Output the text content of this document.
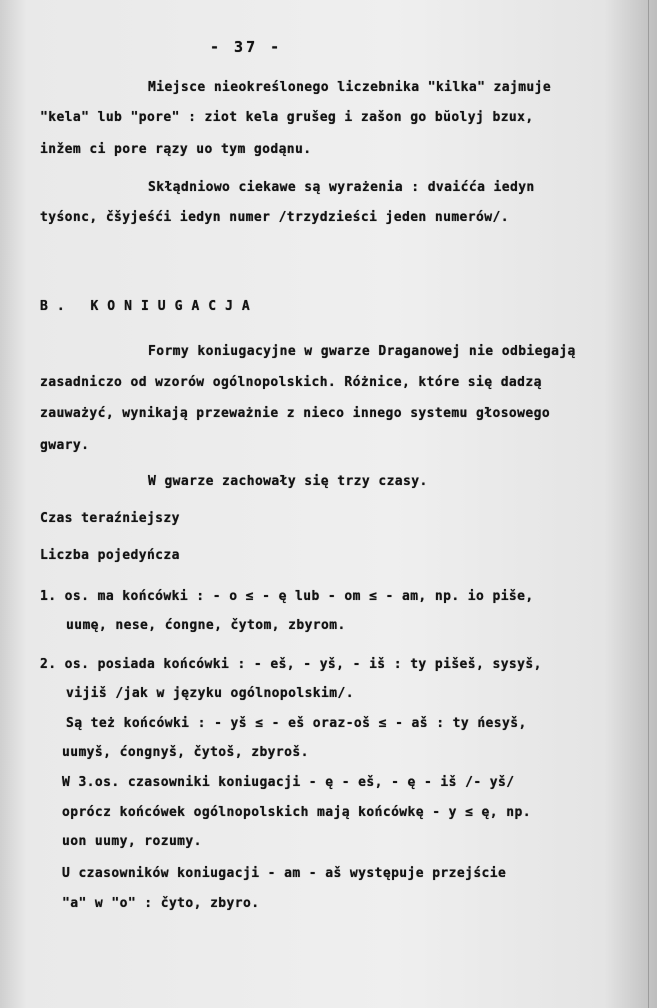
- 37 -
Miejsce nieokreślonego liczebnika "kilka" zajmuje
"kela" lub "pore" : ziot kela grušeg i zašon go bŭolyj bzux,
inžem ci pore rązy uo tym godąnu.
Skłądniowo ciekawe są wyrażenia : dvaićća iedyn
tyśonc, čšyjeśći iedyn numer /trzydzieści jeden numerów/.
B. KONIUGACJA
Formy koniugacyjne w gwarze Draganowej nie odbiegają
zasadniczo od wzorów ogólnopolskich. Różnice, które się dadzą
zauważyć, wynikają przeważnie z nieco innego systemu głosowego
gwary.
W gwarze zachowały się trzy czasy.
Czas teraźniejszy
Liczba pojedyńcza
1. os. ma końcówki : - o ≤ - ę lub - om ≤ - am, np. io piše,
uumę, nese, ćongne, čytom, zbyrom.
2. os. posiada końcówki : - eš, - yš, - iš : ty pišeš, sysyš,
vijiš /jak w języku ogólnopolskim/.
Są też końcówki : - yš ≤ - eš oraz-oš ≤ - aš : ty ńesyš,
uumyš, ćongnyš, čytoš, zbyroš.
W 3.os. czasowniki koniugacji - ę - eš, - ę - iš /- yš/
oprócz końcówek ogólnopolskich mają końcówkę - y ≤ ę, np.
uon uumy, rozumy.
U czasowników koniugacji - am - aš występuje przejście
"a" w "o" : čyto, zbyro.
